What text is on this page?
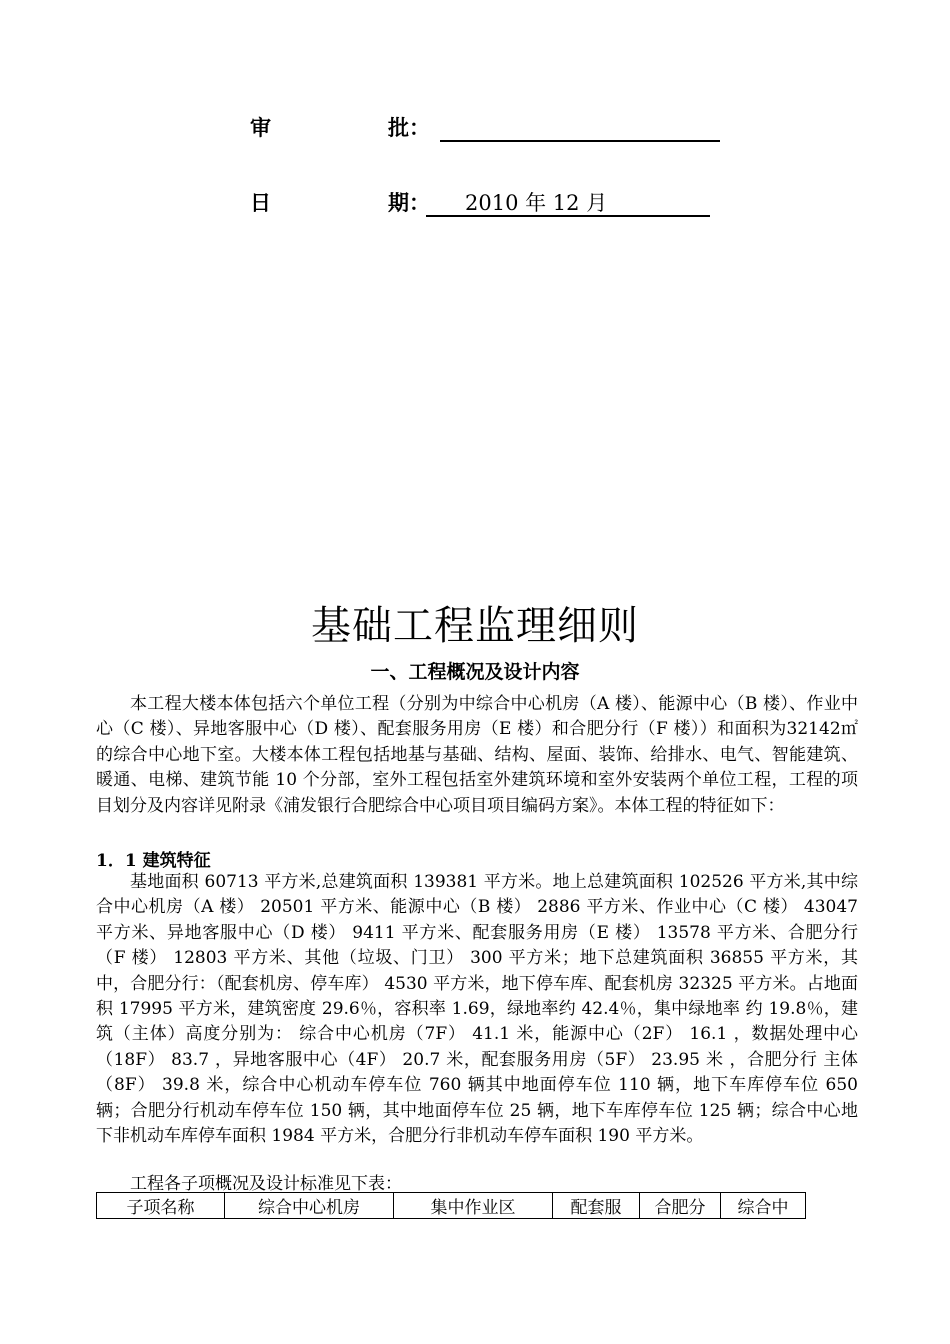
审	批：
日	期： 2010 年 12 月
基础工程监理细则
一、工程概况及设计内容

本工程大楼本体包括六个单位工程（分别为中综合中心机房（A 楼）、能源中心（B 楼）、作业中心（C 楼）、异地客服中心（D 楼）、配套服务用房（E 楼）和合肥分行（F 楼））和面积为32142㎡的综合中心地下室。大楼本体工程包括地基与基础、结构、屋面、装饰、给排水、电气、智能建筑、暖通、电梯、建筑节能 10 个分部，室外工程包括室外建筑环境和室外安装两个单位工程，工程的项目划分及内容详见附录《浦发银行合肥综合中心项目项目编码方案》。本体工程的特征如下：

1．1 建筑特征

基地面积 60713 平方米,总建筑面积 139381 平方米。地上总建筑面积 102526 平方米,其中综合中心机房（A 楼） 20501 平方米、能源中心（B 楼） 2886 平方米、作业中心（C 楼） 43047 平方米、异地客服中心（D 楼） 9411 平方米、配套服务用房（E 楼） 13578 平方米、合肥分行（F 楼） 12803 平方米、其他（垃圾、门卫） 300 平方米；地下总建筑面积 36855 平方米，其中，合肥分行：（配套机房、停车库） 4530 平方米，地下停车库、配套机房 32325 平方米。占地面积 17995 平方米，建筑密度 29.6％，容积率 1.69，绿地率约 42.4％，集中绿地率 约 19.8％，建筑（主体）高度分别为： 综合中心机房（7F） 41.1 米，能源中心（2F） 16.1 ，数据处理中心（18F） 83.7 ，异地客服中心（4F） 20.7 米，配套服务用房（5F） 23.95 米 ，合肥分行 主体（8F） 39.8 米，综合中心机动车停车位 760 辆其中地面停车位 110 辆，地下车库停车位 650 辆；合肥分行机动车停车位 150 辆，其中地面停车位 25 辆，地下车库停车位 125 辆；综合中心地下非机动车库停车面积 1984 平方米，合肥分行非机动车停车面积 190 平方米。

工程各子项概况及设计标准见下表：
子项名称	综合中心机房	集中作业区	配套服	合肥分	综合中
